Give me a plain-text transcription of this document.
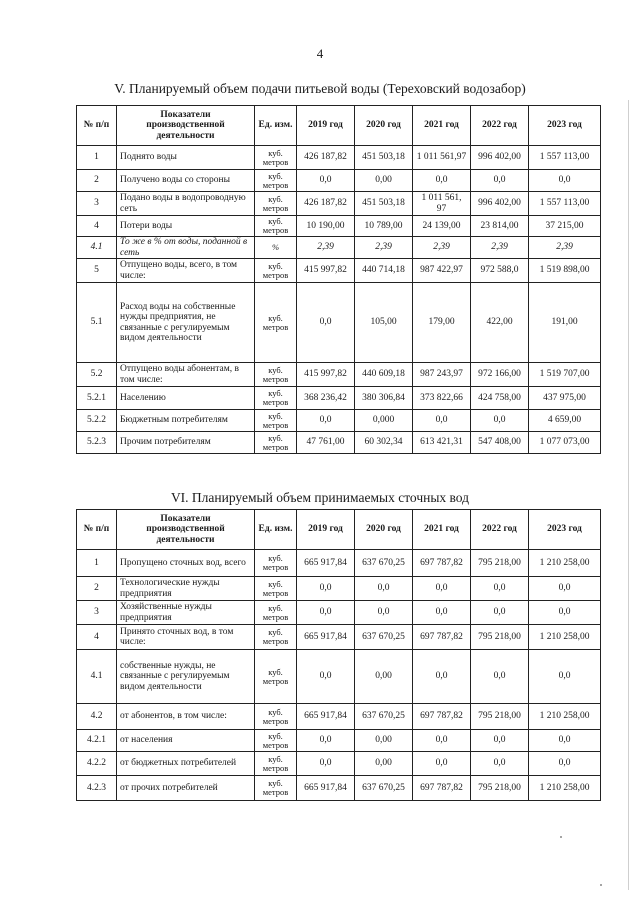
4
V. Планируемый объем подачи питьевой воды (Тереховский водозабор)
№ п/п	Показатели производственной деятельности	Ед. изм.	2019 год	2020 год	2021 год	2022 год	2023 год
1	Поднято воды	куб. метров	426 187,82	451 503,18	1 011 561,97	996 402,00	1 557 113,00
2	Получено воды со стороны	куб. метров	0,0	0,00	0,0	0,0	0,0
3	Подано воды в водопроводную сеть	куб. метров	426 187,82	451 503,18	1 011 561, 97	996 402,00	1 557 113,00
4	Потери воды	куб. метров	10 190,00	10 789,00	24 139,00	23 814,00	37 215,00
4.1	То же в % от воды, поданной в сеть	%	2,39	2,39	2,39	2,39	2,39
5	Отпущено воды, всего, в том числе:	куб. метров	415 997,82	440 714,18	987 422,97	972 588,0	1 519 898,00
5.1	Расход воды на собственные нужды предприятия, не связанные с регулируемым видом деятельности	куб. метров	0,0	105,00	179,00	422,00	191,00
5.2	Отпущено воды абонентам, в том числе:	куб. метров	415 997,82	440 609,18	987 243,97	972 166,00	1 519 707,00
5.2.1	Населению	куб. метров	368 236,42	380 306,84	373 822,66	424 758,00	437 975,00
5.2.2	Бюджетным потребителям	куб. метров	0,0	0,000	0,0	0,0	4 659,00
5.2.3	Прочим потребителям	куб. метров	47 761,00	60 302,34	613 421,31	547 408,00	1 077 073,00
VI. Планируемый объем принимаемых сточных вод
№ п/п	Показатели производственной деятельности	Ед. изм.	2019 год	2020 год	2021 год	2022 год	2023 год
1	Пропущено сточных вод, всего	куб. метров	665 917,84	637 670,25	697 787,82	795 218,00	1 210 258,00
2	Технологические нужды предприятия	куб. метров	0,0	0,0	0,0	0,0	0,0
3	Хозяйственные нужды предприятия	куб. метров	0,0	0,0	0,0	0,0	0,0
4	Принято сточных вод, в том числе:	куб. метров	665 917,84	637 670,25	697 787,82	795 218,00	1 210 258,00
4.1	собственные нужды, не связанные с регулируемым видом деятельности	куб. метров	0,0	0,00	0,0	0,0	0,0
4.2	от абонентов, в том числе:	куб. метров	665 917,84	637 670,25	697 787,82	795 218,00	1 210 258,00
4.2.1	от населения	куб. метров	0,0	0,00	0,0	0,0	0,0
4.2.2	от бюджетных потребителей	куб. метров	0,0	0,00	0,0	0,0	0,0
4.2.3	от прочих потребителей	куб. метров	665 917,84	637 670,25	697 787,82	795 218,00	1 210 258,00
